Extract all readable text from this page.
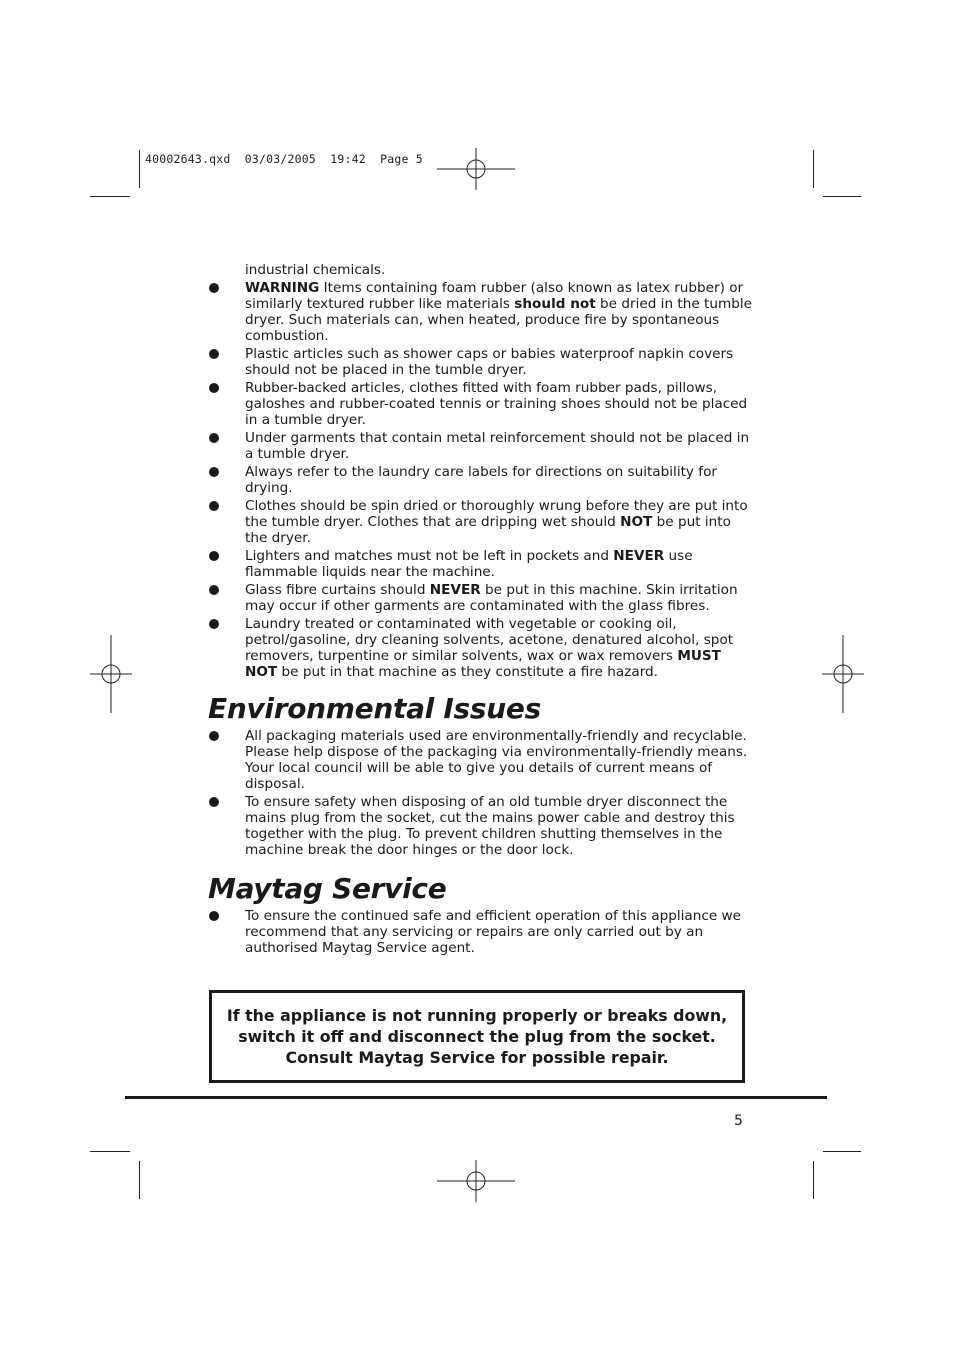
40002643.qxd  03/03/2005  19:42  Page 5
industrial chemicals.
WARNING Items containing foam rubber (also known as latex rubber) or similarly textured rubber like materials should not be dried in the tumble dryer. Such materials can, when heated, produce fire by spontaneous combustion.
Plastic articles such as shower caps or babies waterproof napkin covers should not be placed in the tumble dryer.
Rubber-backed articles, clothes fitted with foam rubber pads, pillows, galoshes and rubber-coated tennis or training shoes should not be placed in a tumble dryer.
Under garments that contain metal reinforcement should not be placed in a tumble dryer.
Always refer to the laundry care labels for directions on suitability for drying.
Clothes should be spin dried or thoroughly wrung before they are put into the tumble dryer. Clothes that are dripping wet should NOT be put into the dryer.
Lighters and matches must not be left in pockets and NEVER use flammable liquids near the machine.
Glass fibre curtains should NEVER be put in this machine. Skin irritation may occur if other garments are contaminated with the glass fibres.
Laundry treated or contaminated with vegetable or cooking oil, petrol/gasoline, dry cleaning solvents, acetone, denatured alcohol, spot removers, turpentine or similar solvents, wax or wax removers MUST NOT be put in that machine as they constitute a fire hazard.
Environmental Issues
All packaging materials used are environmentally-friendly and recyclable. Please help dispose of the packaging via environmentally-friendly means. Your local council will be able to give you details of current means of disposal.
To ensure safety when disposing of an old tumble dryer disconnect the mains plug from the socket, cut the mains power cable and destroy this together with the plug. To prevent children shutting themselves in the machine break the door hinges or the door lock.
Maytag Service
To ensure the continued safe and efficient operation of this appliance we recommend that any servicing or repairs are only carried out by an authorised Maytag Service agent.
If the appliance is not running properly or breaks down,
switch it off and disconnect the plug from the socket.
Consult Maytag Service for possible repair.
5
